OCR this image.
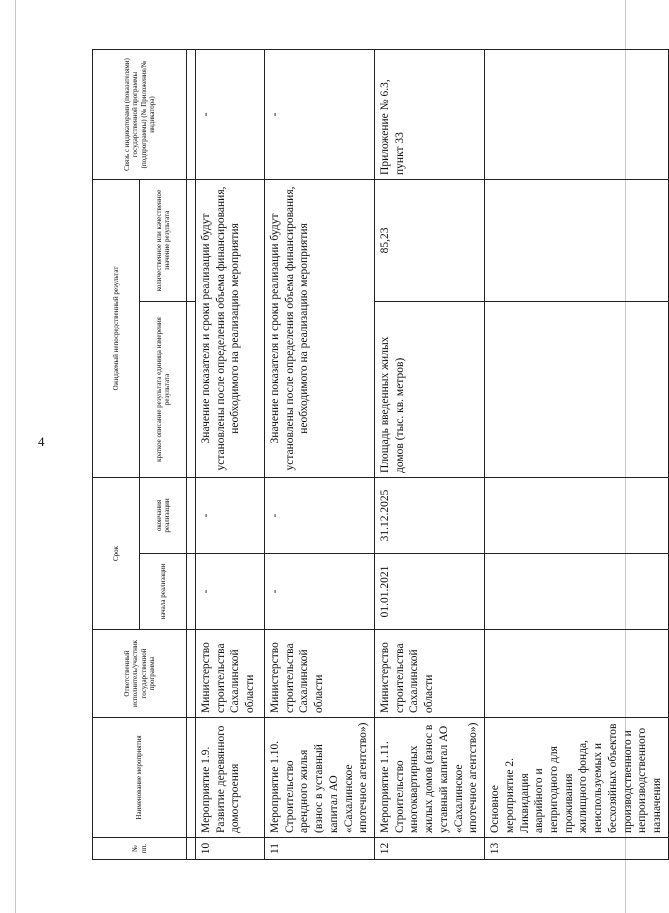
4
№ пп.	Наименование мероприятия	Ответственный исполнитель/участник государственной программы	Срок		Ожидаемый непосредственный результат		Связь с индикаторами (показателями) государственной программы (подпрограммы) (№ Приложения/№ индикатора)
			начала реализации	окончания реализации	краткое описание результата единица измерения результата	количественное или качественное значение результата	

10	Мероприятие 1.9. Развитие деревянного домостроения	Министерство строительства Сахалинской области	-	-	Значение показателя и сроки реализации будут установлены после определения объема финансирования, необходимого на реализацию мероприятия		-
11	Мероприятие 1.10. Строительство арендного жилья (взнос в уставный капитал АО «Сахалинское ипотечное агентство»)	Министерство строительства Сахалинской области	-	-	Значение показателя и сроки реализации будут установлены после определения объема финансирования, необходимого на реализацию мероприятия		-
12	Мероприятие 1.11. Строительство многоквартирных жилых домов (взнос в уставный капитал АО «Сахалинское ипотечное агентство»)	Министерство строительства Сахалинской области	01.01.2021	31.12.2025	Площадь введенных жилых домов (тыс. кв. метров)	85,23	Приложение № 6.3, пункт 33
13	Основное мероприятие 2. Ликвидация аварийного и непригодного для проживания жилищного фонда, неиспользуемых и бесхозяйных объектов производственного и непроизводственного назначения						
